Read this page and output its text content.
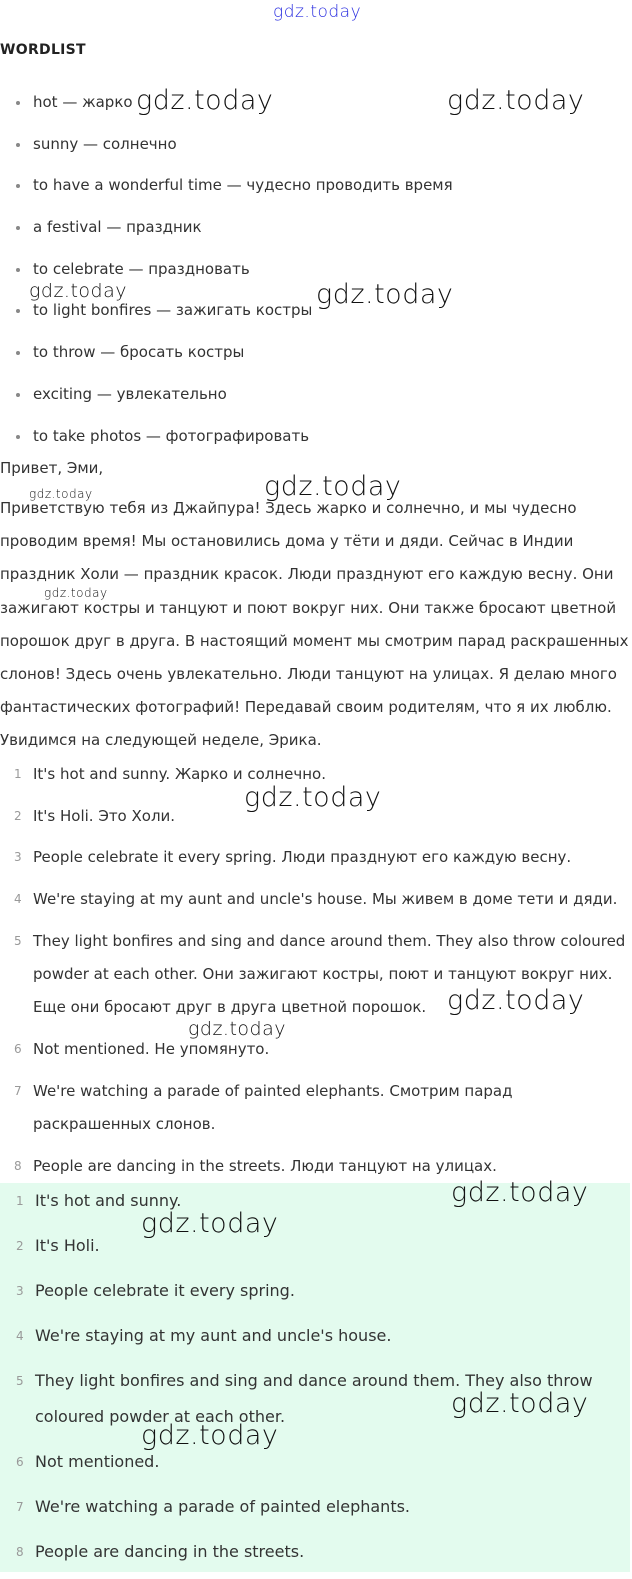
gdz.today
WORDLIST
hot — жарко
sunny — солнечно
to have a wonderful time — чудесно проводить время
a festival — праздник
to celebrate — праздновать
to light bonfires — зажигать костры
to throw — бросать костры
exciting — увлекательно
to take photos — фотографировать
Привет, Эми,
Приветствую тебя из Джайпура! Здесь жарко и солнечно, и мы чудесно
проводим время! Мы остановились дома у тёти и дяди. Сейчас в Индии
праздник Холи — праздник красок. Люди празднуют его каждую весну. Они
зажигают костры и танцуют и поют вокруг них. Они также бросают цветной
порошок друг в друга. В настоящий момент мы смотрим парад раскрашенных
слонов! Здесь очень увлекательно. Люди танцуют на улицах. Я делаю много
фантастических фотографий! Передавай своим родителям, что я их люблю.
Увидимся на следующей неделе, Эрика.
1 It's hot and sunny. Жарко и солнечно.
2 It's Holi. Это Холи.
3 People celebrate it every spring. Люди празднуют его каждую весну.
4 We're staying at my aunt and uncle's house. Мы живем в доме тети и дяди.
5 They light bonfires and sing and dance around them. They also throw coloured
powder at each other. Они зажигают костры, поют и танцуют вокруг них.
Еще они бросают друг в друга цветной порошок.
6 Not mentioned. Не упомянуто.
7 We're watching a parade of painted elephants. Смотрим парад
раскрашенных слонов.
8 People are dancing in the streets. Люди танцуют на улицах.
1 It's hot and sunny.
2 It's Holi.
3 People celebrate it every spring.
4 We're staying at my aunt and uncle's house.
5 They light bonfires and sing and dance around them. They also throw
coloured powder at each other.
6 Not mentioned.
7 We're watching a parade of painted elephants.
8 People are dancing in the streets.
gdz.today	gdz.today
gdz.today	gdz.today
gdz.today
gdz.today
gdz.today
gdz.today
gdz.today
gdz.today
gdz.today
gdz.today
gdz.today
gdz.today
